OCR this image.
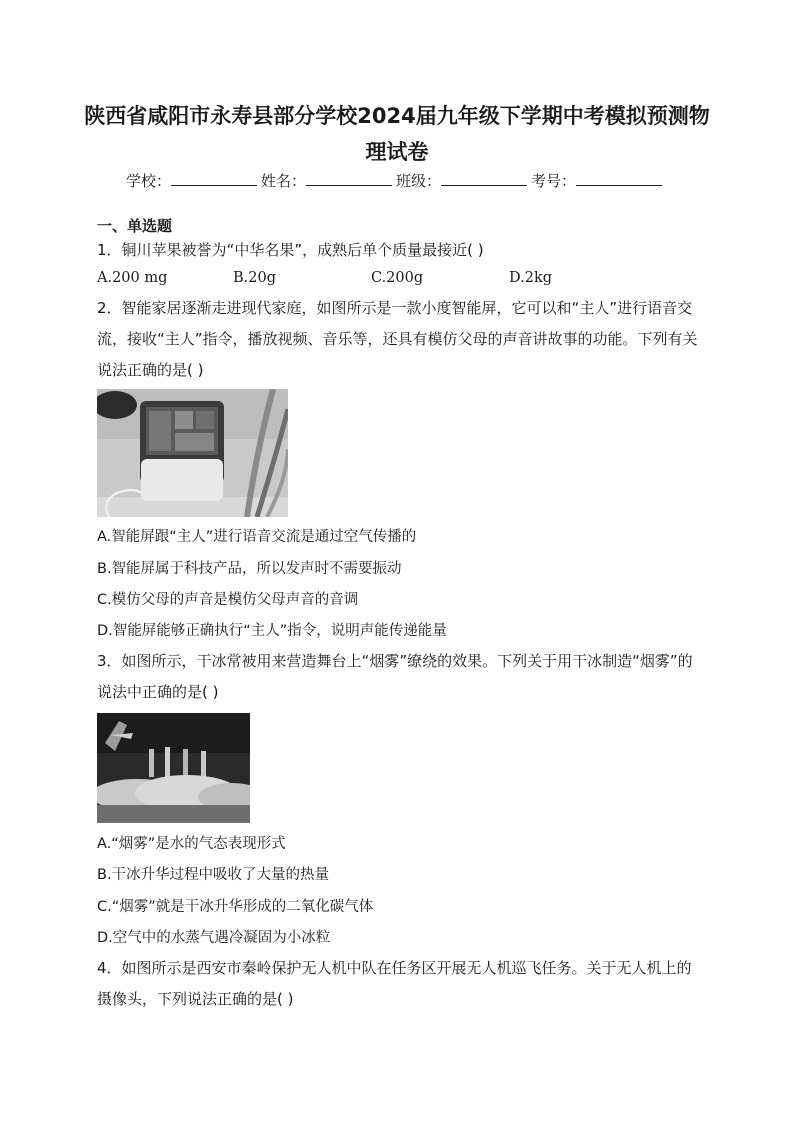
陕西省咸阳市永寿县部分学校2024届九年级下学期中考模拟预测物理试卷
学校：	姓名：	班级：	考号：
一、单选题
1．铜川苹果被誉为“中华名果”，成熟后单个质量最接近( )
A.200 mg	B.20g	C.200g	D.2kg
2．智能家居逐渐走进现代家庭，如图所示是一款小度智能屏，它可以和“主人”进行语音交流，接收“主人”指令，播放视频、音乐等，还具有模仿父母的声音讲故事的功能。下列有关说法正确的是( )
A.智能屏跟“主人”进行语音交流是通过空气传播的
B.智能屏属于科技产品，所以发声时不需要振动
C.模仿父母的声音是模仿父母声音的音调
D.智能屏能够正确执行“主人”指令，说明声能传递能量
3．如图所示，干冰常被用来营造舞台上“烟雾”缭绕的效果。下列关于用干冰制造“烟雾”的说法中正确的是( )
A.“烟雾”是水的气态表现形式
B.干冰升华过程中吸收了大量的热量
C.“烟雾”就是干冰升华形成的二氧化碳气体
D.空气中的水蒸气遇冷凝固为小冰粒
4．如图所示是西安市秦岭保护无人机中队在任务区开展无人机巡飞任务。关于无人机上的摄像头，下列说法正确的是( )
